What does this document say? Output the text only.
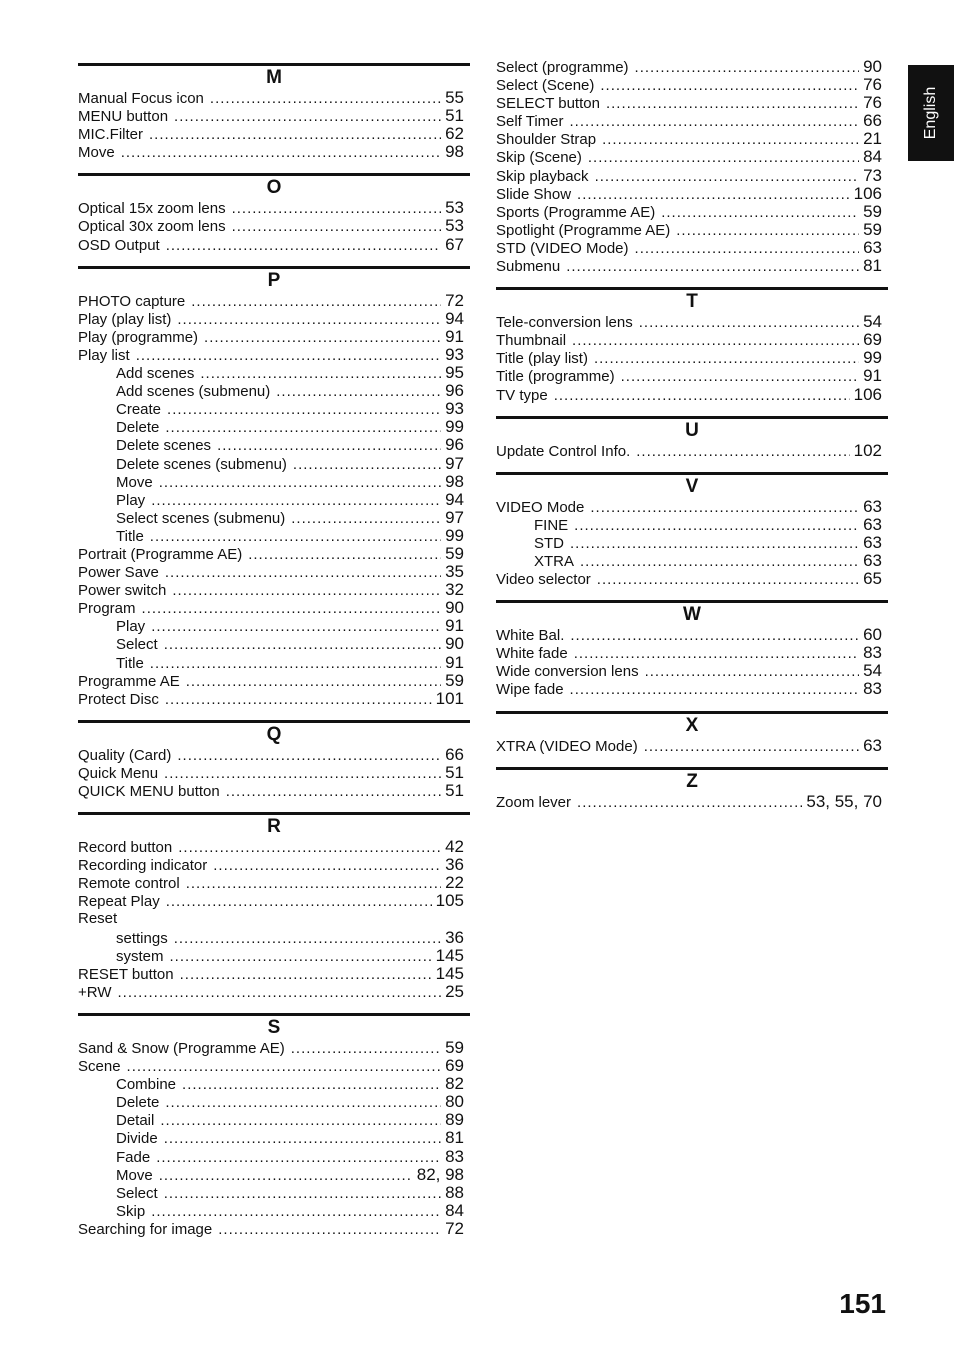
M
Manual Focus icon .....	55
MENU button .....	51
MIC.Filter .....	62
Move .....	98
O
Optical 15x zoom lens .....	53
Optical 30x zoom lens .....	53
OSD Output .....	67
P
PHOTO capture .....	72
Play (play list) .....	94
Play (programme) .....	91
Play list .....	93
Add scenes .....	95
Add scenes (submenu) .....	96
Create .....	93
Delete .....	99
Delete scenes .....	96
Delete scenes (submenu) .....	97
Move .....	98
Play .....	94
Select scenes (submenu) .....	97
Title .....	99
Portrait (Programme AE) .....	59
Power Save .....	35
Power switch .....	32
Program .....	90
Play .....	91
Select .....	90
Title .....	91
Programme AE .....	59
Protect Disc .....	101
Q
Quality (Card) .....	66
Quick Menu .....	51
QUICK MENU button .....	51
R
Record button .....	42
Recording indicator .....	36
Remote control .....	22
Repeat Play .....	105
Reset
settings .....	36
system .....	145
RESET button .....	145
+RW .....	25
S
Sand & Snow (Programme AE) .....	59
Scene .....	69
Combine .....	82
Delete .....	80
Detail .....	89
Divide .....	81
Fade .....	83
Move .....	82, 98
Select .....	88
Skip .....	84
Searching for image .....	72
Select (programme) .....	90
Select (Scene) .....	76
SELECT button .....	76
Self Timer .....	66
Shoulder Strap .....	21
Skip (Scene) .....	84
Skip playback .....	73
Slide Show .....	106
Sports (Programme AE) .....	59
Spotlight (Programme AE) .....	59
STD (VIDEO Mode) .....	63
Submenu .....	81
T
Tele-conversion lens .....	54
Thumbnail .....	69
Title (play list) .....	99
Title (programme) .....	91
TV type .....	106
U
Update Control Info. .....	102
V
VIDEO Mode .....	63
FINE .....	63
STD .....	63
XTRA .....	63
Video selector .....	65
W
White Bal. .....	60
White fade .....	83
Wide conversion lens .....	54
Wipe fade .....	83
X
XTRA (VIDEO Mode) .....	63
Z
Zoom lever .....	53, 55, 70
English
151
